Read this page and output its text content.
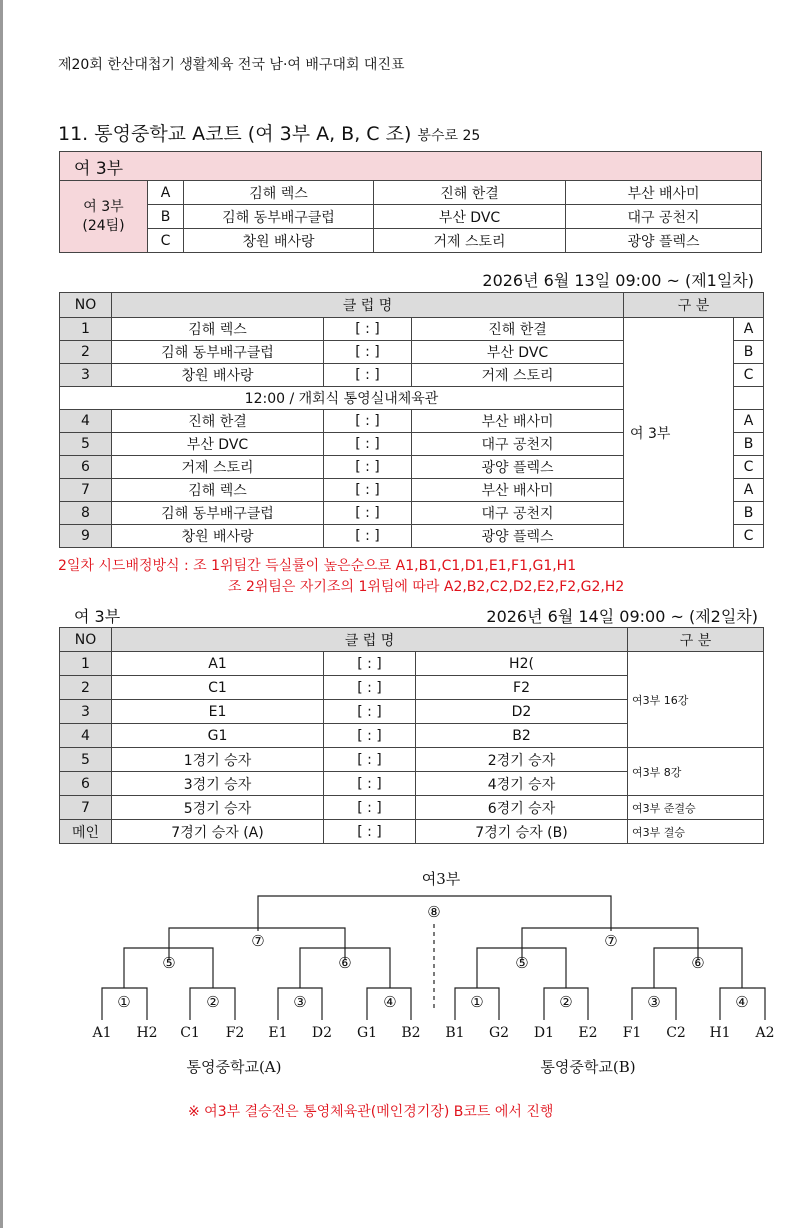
제20회 한산대첩기 생활체육 전국 남·여 배구대회 대진표
11. 통영중학교 A코트 (여 3부 A, B, C 조) 봉수로 25
여 3부				

여 3부
(24팀)	A	김해 렉스	진해 한결	부산 배사미
	B	김해 동부배구클럽	부산 DVC	대구 공천지
	C	창원 배사랑	거제 스토리	광양 플렉스
2026년 6월 13일 09:00 ~ (제1일차)
NO	클 럽 명			구 분	
1	김해 렉스	[ : ]	진해 한결	여 3부	A
2	김해 동부배구클럽	[ : ]	부산 DVC		B
3	창원 배사랑	[ : ]	거제 스토리		C
12:00 / 개회식 통영실내체육관					
4	진해 한결	[ : ]	부산 배사미		A
5	부산 DVC	[ : ]	대구 공천지		B
6	거제 스토리	[ : ]	광양 플렉스		C
7	김해 렉스	[ : ]	부산 배사미		A
8	김해 동부배구클럽	[ : ]	대구 공천지		B
9	창원 배사랑	[ : ]	광양 플렉스		C
2일차 시드배정방식 : 조 1위팀간 득실률이 높은순으로 A1,B1,C1,D1,E1,F1,G1,H1
조 2위팀은 자기조의 1위팀에 따라 A2,B2,C2,D2,E2,F2,G2,H2
여 3부	2026년 6월 14일 09:00 ~ (제2일차)
NO	클 럽 명			구 분
1	A1	[ : ]	H2(	여3부 16강
2	C1	[ : ]	F2	
3	E1	[ : ]	D2	
4	G1	[ : ]	B2	
5	1경기 승자	[ : ]	2경기 승자	여3부 8강
6	3경기 승자	[ : ]	4경기 승자	
7	5경기 승자	[ : ]	6경기 승자	여3부 준결승
메인	7경기 승자 (A)	[ : ]	7경기 승자 (B)	여3부 결승
여3부
⑧
⑦	⑦
⑤	⑥	⑤	⑥
①	②	③	④	①	②	③	④
A1 H2 C1 F2 E1 D2 G1 B2 B1 G2 D1 E2 F1 C2 H1 A2
통영중학교(A)	통영중학교(B)
※ 여3부 결승전은 통영체육관(메인경기장) B코트 에서 진행
